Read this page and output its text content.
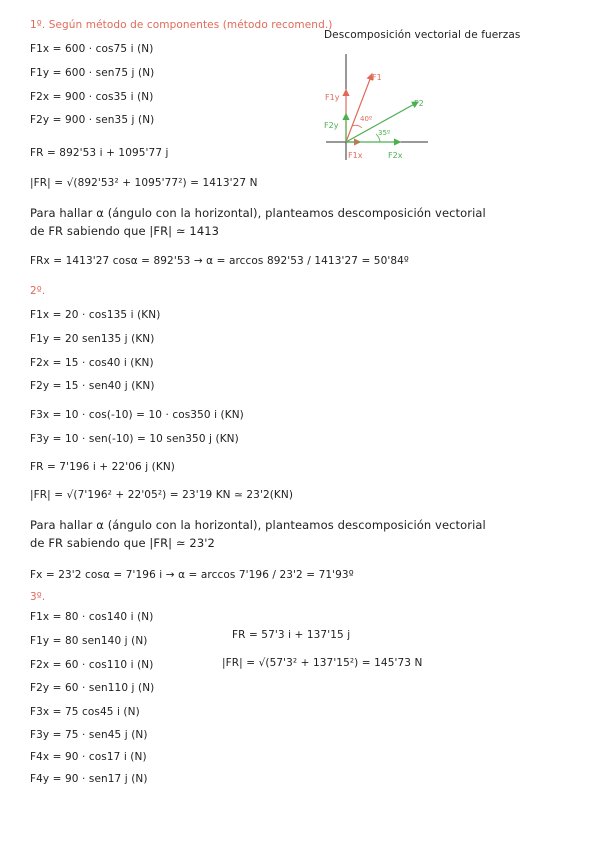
1º. Según método de componentes (método recomend.)
F1x = 600 · cos75 i (N)
F1y = 600 · sen75 j (N)
F2x = 900 · cos35 i (N)
F2y = 900 · sen35 j (N)
FR = 892'53 i + 1095'77 j
|FR| = √(892'53² + 1095'77²) = 1413'27 N
Descomposición vectorial de fuerzas
F1
F2
F1y
F2y
F1x	F2x
40º
35º
Para hallar α (ángulo con la horizontal), planteamos descomposición vectorial
de FR sabiendo que |FR| ≃ 1413
FRx = 1413'27 cosα = 892'53 → α = arccos 892'53 / 1413'27 = 50'84º
2º.
F1x = 20 · cos135 i (KN)
F1y = 20 sen135 j (KN)
F2x = 15 · cos40 i (KN)
F2y = 15 · sen40 j (KN)
F3x = 10 · cos(-10) = 10 · cos350 i (KN)
F3y = 10 · sen(-10) = 10 sen350 j (KN)
FR = 7'196 i + 22'06 j (KN)
|FR| = √(7'196² + 22'05²) = 23'19 KN ≃ 23'2(KN)
Para hallar α (ángulo con la horizontal), planteamos descomposición vectorial
de FR sabiendo que |FR| ≃ 23'2
Fx = 23'2 cosα = 7'196 i → α = arccos 7'196 / 23'2 = 71'93º
3º.
F1x = 80 · cos140 i (N)
F1y = 80 sen140 j (N)
F2x = 60 · cos110 i (N)
F2y = 60 · sen110 j (N)
F3x = 75 cos45 i (N)
F3y = 75 · sen45 j (N)
F4x = 90 · cos17 i (N)
F4y = 90 · sen17 j (N)
FR = 57'3 i + 137'15 j
|FR| = √(57'3² + 137'15²) = 145'73 N
